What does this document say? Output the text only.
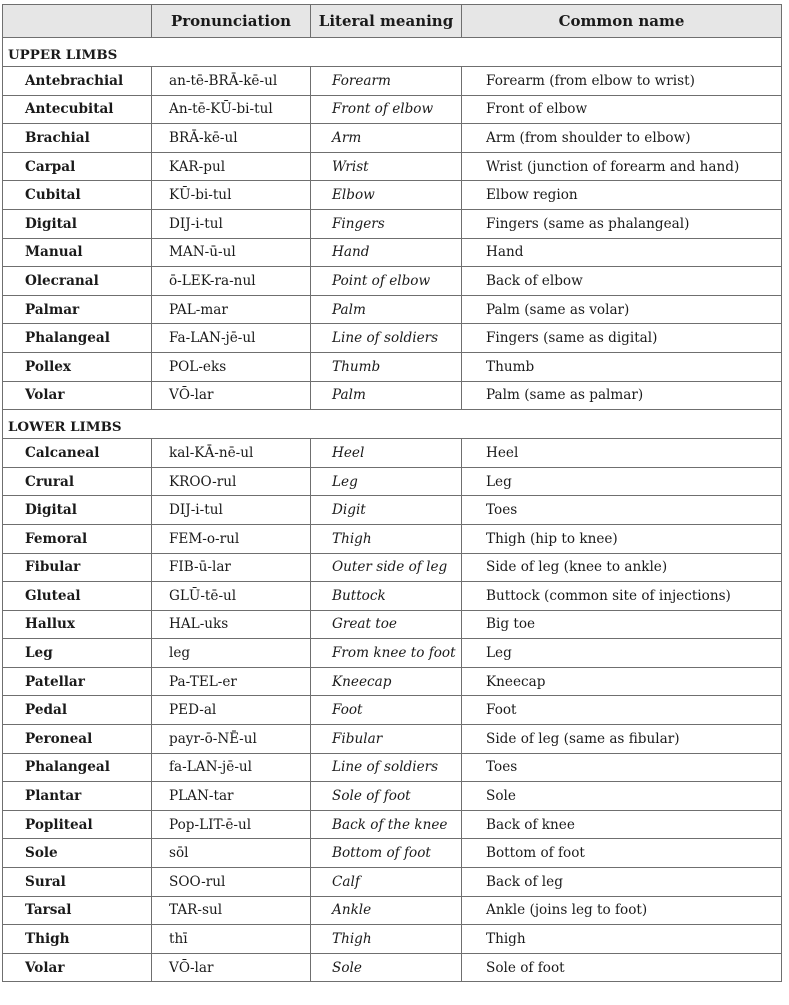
	Pronunciation	Literal meaning	Common name
UPPER LIMBS			
Antebrachial	an-tē-BRĀ-kē-ul	Forearm	Forearm (from elbow to wrist)
Antecubital	An-tē-KŪ-bi-tul	Front of elbow	Front of elbow
Brachial	BRĀ-kē-ul	Arm	Arm (from shoulder to elbow)
Carpal	KAR-pul	Wrist	Wrist (junction of forearm and hand)
Cubital	KŪ-bi-tul	Elbow	Elbow region
Digital	DIJ-i-tul	Fingers	Fingers (same as phalangeal)
Manual	MAN-ū-ul	Hand	Hand
Olecranal	ō-LEK-ra-nul	Point of elbow	Back of elbow
Palmar	PAL-mar	Palm	Palm (same as volar)
Phalangeal	Fa-LAN-jē-ul	Line of soldiers	Fingers (same as digital)
Pollex	POL-eks	Thumb	Thumb
Volar	VŌ-lar	Palm	Palm (same as palmar)
LOWER LIMBS			
Calcaneal	kal-KĀ-nē-ul	Heel	Heel
Crural	KROO-rul	Leg	Leg
Digital	DIJ-i-tul	Digit	Toes
Femoral	FEM-o-rul	Thigh	Thigh (hip to knee)
Fibular	FIB-ū-lar	Outer side of leg	Side of leg (knee to ankle)
Gluteal	GLŪ-tē-ul	Buttock	Buttock (common site of injections)
Hallux	HAL-uks	Great toe	Big toe
Leg	leg	From knee to foot	Leg
Patellar	Pa-TEL-er	Kneecap	Kneecap
Pedal	PED-al	Foot	Foot
Peroneal	payr-ō-NĒ-ul	Fibular	Side of leg (same as fibular)
Phalangeal	fa-LAN-jē-ul	Line of soldiers	Toes
Plantar	PLAN-tar	Sole of foot	Sole
Popliteal	Pop-LIT-ē-ul	Back of the knee	Back of knee
Sole	sōl	Bottom of foot	Bottom of foot
Sural	SOO-rul	Calf	Back of leg
Tarsal	TAR-sul	Ankle	Ankle (joins leg to foot)
Thigh	thī	Thigh	Thigh
Volar	VŌ-lar	Sole	Sole of foot
